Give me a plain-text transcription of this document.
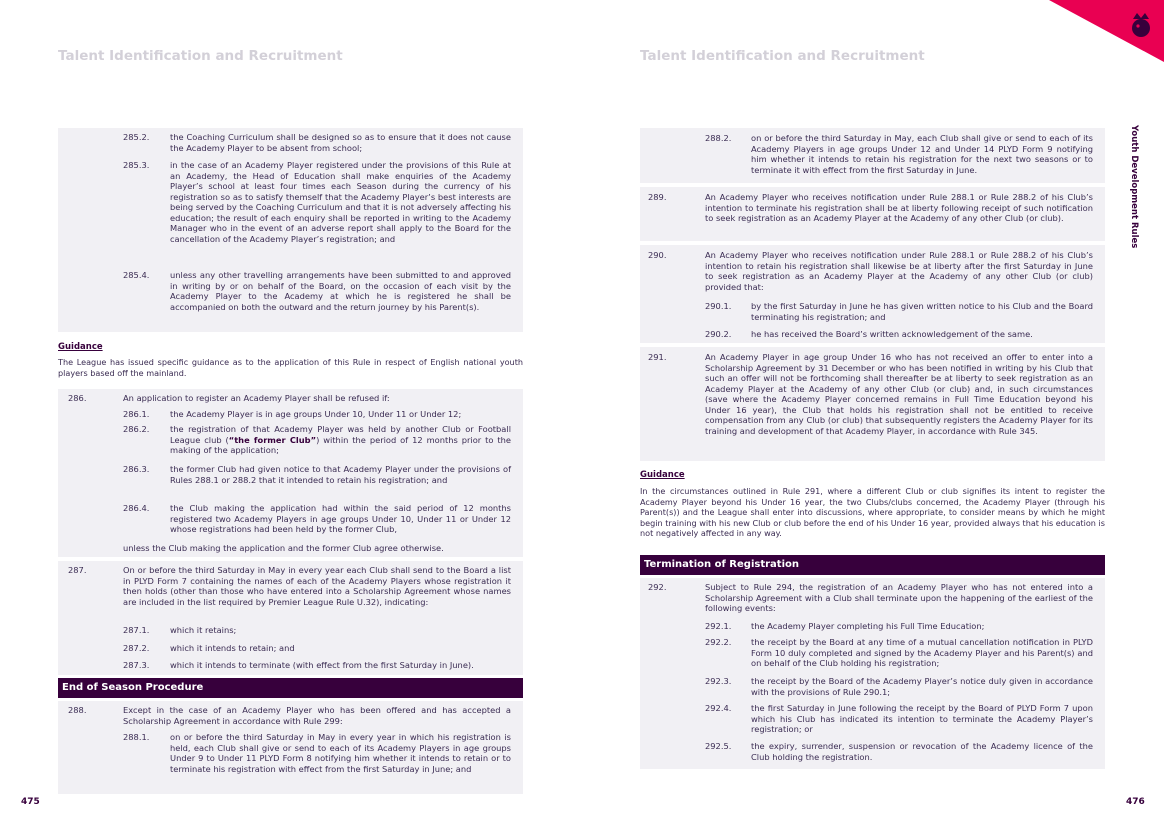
Talent Identification and Recruitment	Talent Identification and Recruitment
Youth Development Rules
285.2. the Coaching Curriculum shall be designed so as to ensure that it does not cause the Academy Player to be absent from school;
285.3. in the case of an Academy Player registered under the provisions of this Rule at an Academy, the Head of Education shall make enquiries of the Academy Player’s school at least four times each Season during the currency of his registration so as to satisfy themself that the Academy Player’s best interests are being served by the Coaching Curriculum and that it is not adversely affecting his education; the result of each enquiry shall be reported in writing to the Academy Manager who in the event of an adverse report shall apply to the Board for the cancellation of the Academy Player’s registration; and
285.4. unless any other travelling arrangements have been submitted to and approved in writing by or on behalf of the Board, on the occasion of each visit by the Academy Player to the Academy at which he is registered he shall be accompanied on both the outward and the return journey by his Parent(s).
Guidance
The League has issued specific guidance as to the application of this Rule in respect of English national youth players based off the mainland.
286.	An application to register an Academy Player shall be refused if:
286.1. the Academy Player is in age groups Under 10, Under 11 or Under 12;
286.2. the registration of that Academy Player was held by another Club or Football League club (“the former Club”) within the period of 12 months prior to the making of the application;
286.3. the former Club had given notice to that Academy Player under the provisions of Rules 288.1 or 288.2 that it intended to retain his registration; and
286.4. the Club making the application had within the said period of 12 months registered two Academy Players in age groups Under 10, Under 11 or Under 12 whose registrations had been held by the former Club,
unless the Club making the application and the former Club agree otherwise.
287.	On or before the third Saturday in May in every year each Club shall send to the Board a list in PLYD Form 7 containing the names of each of the Academy Players whose registration it then holds (other than those who have entered into a Scholarship Agreement whose names are included in the list required by Premier League Rule U.32), indicating:
287.1. which it retains;
287.2. which it intends to retain; and
287.3. which it intends to terminate (with effect from the first Saturday in June).
End of Season Procedure
288.	Except in the case of an Academy Player who has been offered and has accepted a Scholarship Agreement in accordance with Rule 299:
288.1. on or before the third Saturday in May in every year in which his registration is held, each Club shall give or send to each of its Academy Players in age groups Under 9 to Under 11 PLYD Form 8 notifying him whether it intends to retain or to terminate his registration with effect from the first Saturday in June; and
475
288.2. on or before the third Saturday in May, each Club shall give or send to each of its Academy Players in age groups Under 12 and Under 14 PLYD Form 9 notifying him whether it intends to retain his registration for the next two seasons or to terminate it with effect from the first Saturday in June.
289.	An Academy Player who receives notification under Rule 288.1 or Rule 288.2 of his Club’s intention to terminate his registration shall be at liberty following receipt of such notification to seek registration as an Academy Player at the Academy of any other Club (or club).
290.	An Academy Player who receives notification under Rule 288.1 or Rule 288.2 of his Club’s intention to retain his registration shall likewise be at liberty after the first Saturday in June to seek registration as an Academy Player at the Academy of any other Club (or club) provided that:
290.1. by the first Saturday in June he has given written notice to his Club and the Board terminating his registration; and
290.2. he has received the Board’s written acknowledgement of the same.
291.	An Academy Player in age group Under 16 who has not received an offer to enter into a Scholarship Agreement by 31 December or who has been notified in writing by his Club that such an offer will not be forthcoming shall thereafter be at liberty to seek registration as an Academy Player at the Academy of any other Club (or club) and, in such circumstances (save where the Academy Player concerned remains in Full Time Education beyond his Under 16 year), the Club that holds his registration shall not be entitled to receive compensation from any Club (or club) that subsequently registers the Academy Player for its training and development of that Academy Player, in accordance with Rule 345.
Guidance
In the circumstances outlined in Rule 291, where a different Club or club signifies its intent to register the Academy Player beyond his Under 16 year, the two Clubs/clubs concerned, the Academy Player (through his Parent(s)) and the League shall enter into discussions, where appropriate, to consider means by which he might begin training with his new Club or club before the end of his Under 16 year, provided always that his education is not negatively affected in any way.
Termination of Registration
292.	Subject to Rule 294, the registration of an Academy Player who has not entered into a Scholarship Agreement with a Club shall terminate upon the happening of the earliest of the following events:
292.1. the Academy Player completing his Full Time Education;
292.2. the receipt by the Board at any time of a mutual cancellation notification in PLYD Form 10 duly completed and signed by the Academy Player and his Parent(s) and on behalf of the Club holding his registration;
292.3. the receipt by the Board of the Academy Player’s notice duly given in accordance with the provisions of Rule 290.1;
292.4. the first Saturday in June following the receipt by the Board of PLYD Form 7 upon which his Club has indicated its intention to terminate the Academy Player’s registration; or
292.5. the expiry, surrender, suspension or revocation of the Academy licence of the Club holding the registration.
476
